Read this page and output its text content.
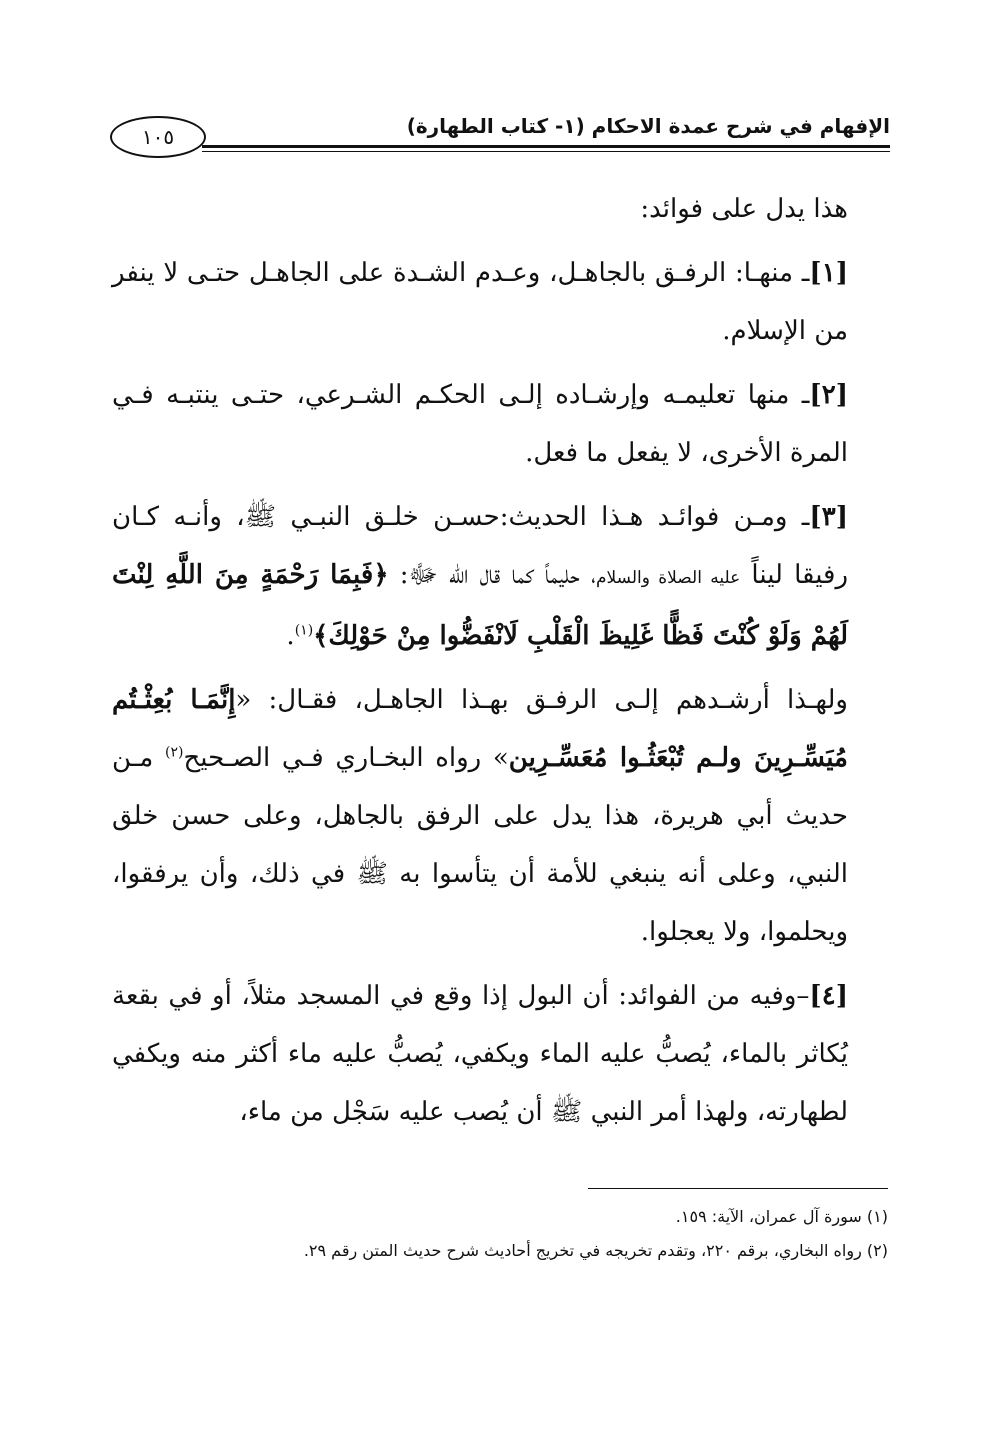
الإفهام في شرح عمدة الاحكام (١- كتاب الطهارة)
١٠٥

هذا يدل على فوائد:

[١]ـ منهـا: الرفـق بالجاهـل، وعـدم الشـدة على الجاهـل حتـى لا ينفر من الإسلام.

[٢]ـ منها تعليمـه وإرشـاده إلـى الحكـم الشـرعي، حتـى ينتبـه فـي المرة الأخرى، لا يفعل ما فعل.

[٣]ـ ومـن فوائـد هـذا الحديث:حسـن خلـق النبـي ﷺ، وأنـه كـان رفيقا ليناً عليه الصلاة والسلام، حليماً كما قال الله ﷻ: ﴿فَبِمَا رَحْمَةٍ مِنَ اللَّهِ لِنْتَ لَهُمْ وَلَوْ كُنْتَ فَظًّا غَلِيظَ الْقَلْبِ لَانْفَضُّوا مِنْ حَوْلِكَ﴾$^{(١)}$.

ولهـذا أرشـدهم إلـى الرفـق بهـذا الجاهـل، فقـال: «إِنَّمَـا بُعِثْـتُم مُيَسِّـرِينَ ولـم تُبْعَثُـوا مُعَسِّـرِين» رواه البخـاري فـي الصـحيح$^{(٢)}$ مـن حديث أبي هريرة، هذا يدل على الرفق بالجاهل، وعلى حسن خلق النبي، وعلى أنه ينبغي للأمة أن يتأسوا به ﷺ في ذلك، وأن يرفقوا، ويحلموا، ولا يعجلوا.

[٤]–وفيه من الفوائد: أن البول إذا وقع في المسجد مثلاً، أو في بقعة يُكاثر بالماء، يُصبُّ عليه الماء ويكفي، يُصبُّ عليه ماء أكثر منه ويكفي لطهارته، ولهذا أمر النبي ﷺ أن يُصب عليه سَجْل من ماء،

(١) سورة آل عمران، الآية: ١٥٩.
(٢) رواه البخاري، برقم ٢٢٠، وتقدم تخريجه في تخريج أحاديث شرح حديث المتن رقم ٢٩.
